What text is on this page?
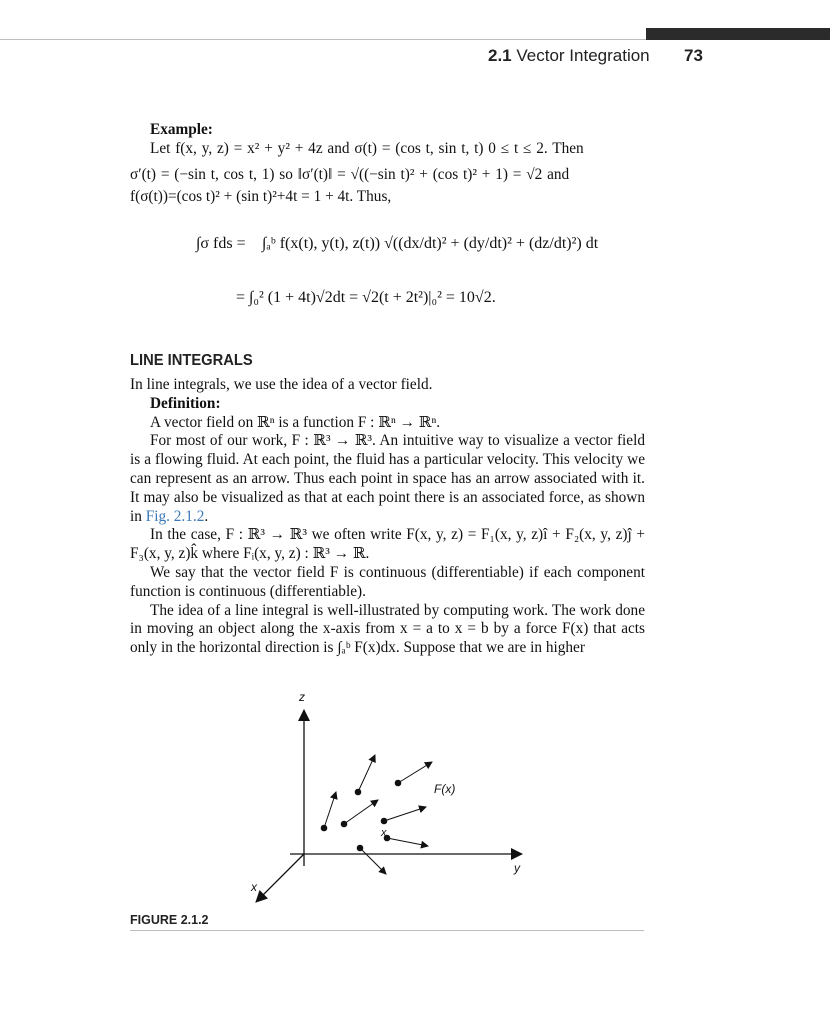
2.1 Vector Integration 73
Example:
Let f(x, y, z) = x² + y² + 4z and σ(t) = (cos t, sin t, t) 0 ≤ t ≤ 2. Then
σ′(t) = (−sin t, cos t, 1) so ‖σ′(t)‖ = √((−sin t)² + (cos t)² + 1) = √2 and
f(σ(t))=(cos t)² + (sin t)²+4t = 1 + 4t. Thus,
∫σ fds = ∫ₐᵇ f(x(t), y(t), z(t)) √((dx/dt)² + (dy/dt)² + (dz/dt)²) dt
= ∫₀² (1 + 4t)√2dt = √2(t + 2t²)|₀² = 10√2.
LINE INTEGRALS

In line integrals, we use the idea of a vector field.

Definition:

A vector field on ℝⁿ is a function F : ℝⁿ → ℝⁿ.

For most of our work, F : ℝ³ → ℝ³. An intuitive way to visualize a vector field is a flowing fluid. At each point, the fluid has a particular velocity. This velocity we can represent as an arrow. Thus each point in space has an arrow associated with it. It may also be visualized as that at each point there is an associated force, as shown in Fig. 2.1.2.

In the case, F : ℝ³ → ℝ³ we often write F(x, y, z) = F₁(x, y, z)î + F₂(x, y, z)ĵ + F₃(x, y, z)k̂ where Fᵢ(x, y, z) : ℝ³ → ℝ.

We say that the vector field F is continuous (differentiable) if each component function is continuous (differentiable).

The idea of a line integral is well-illustrated by computing work. The work done in moving an object along the x-axis from x = a to x = b by a force F(x) that acts only in the horizontal direction is ∫ₐᵇ F(x)dx. Suppose that we are in higher

z
y
x
x
F(x)
FIGURE 2.1.2
